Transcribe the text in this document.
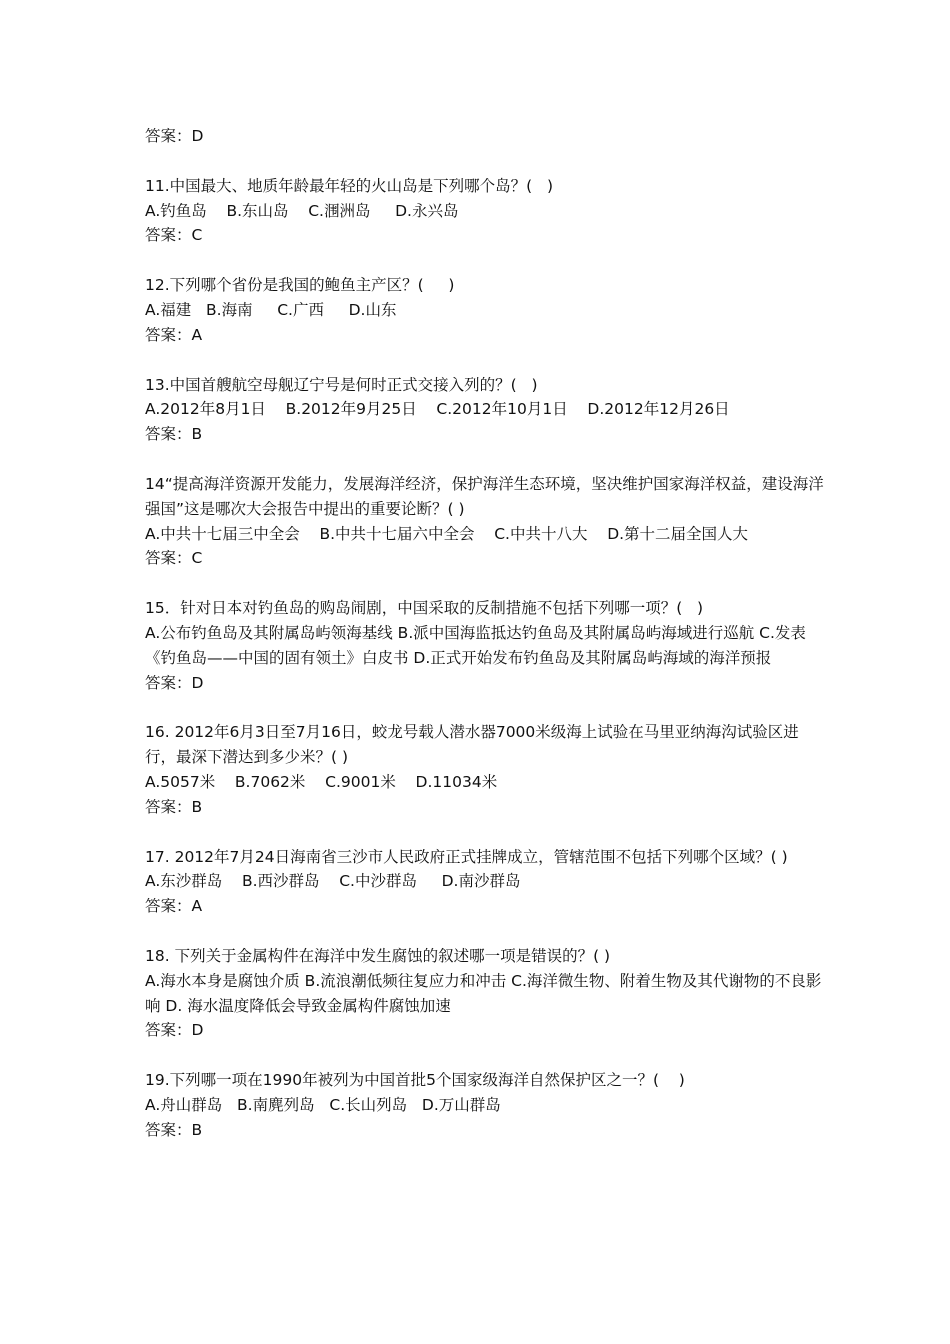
答案：D
11.中国最大、地质年龄最年轻的火山岛是下列哪个岛？(   )
A.钓鱼岛    B.东山岛    C.涠洲岛     D.永兴岛
答案：C
12.下列哪个省份是我国的鲍鱼主产区？(     )
A.福建   B.海南     C.广西     D.山东
答案：A
13.中国首艘航空母舰辽宁号是何时正式交接入列的？(   )
A.2012年8月1日    B.2012年9月25日    C.2012年10月1日    D.2012年12月26日
答案：B
14“提高海洋资源开发能力，发展海洋经济，保护海洋生态环境，坚决维护国家海洋权益，建设海洋强国”这是哪次大会报告中提出的重要论断？( )
A.中共十七届三中全会    B.中共十七届六中全会    C.中共十八大    D.第十二届全国人大
答案：C
15．针对日本对钓鱼岛的购岛闹剧，中国采取的反制措施不包括下列哪一项？(   )
A.公布钓鱼岛及其附属岛屿领海基线 B.派中国海监抵达钓鱼岛及其附属岛屿海域进行巡航 C.发表《钓鱼岛——中国的固有领土》白皮书 D.正式开始发布钓鱼岛及其附属岛屿海域的海洋预报
答案：D
16. 2012年6月3日至7月16日，蛟龙号载人潜水器7000米级海上试验在马里亚纳海沟试验区进行，最深下潜达到多少米？( )
A.5057米    B.7062米    C.9001米    D.11034米
答案：B
17. 2012年7月24日海南省三沙市人民政府正式挂牌成立，管辖范围不包括下列哪个区域？( )
A.东沙群岛    B.西沙群岛    C.中沙群岛     D.南沙群岛
答案：A
18. 下列关于金属构件在海洋中发生腐蚀的叙述哪一项是错误的？( )
A.海水本身是腐蚀介质 B.流浪潮低频往复应力和冲击 C.海洋微生物、附着生物及其代谢物的不良影响 D. 海水温度降低会导致金属构件腐蚀加速
答案：D
19.下列哪一项在1990年被列为中国首批5个国家级海洋自然保护区之一？(    )
A.舟山群岛   B.南麂列岛   C.长山列岛   D.万山群岛
答案：B
